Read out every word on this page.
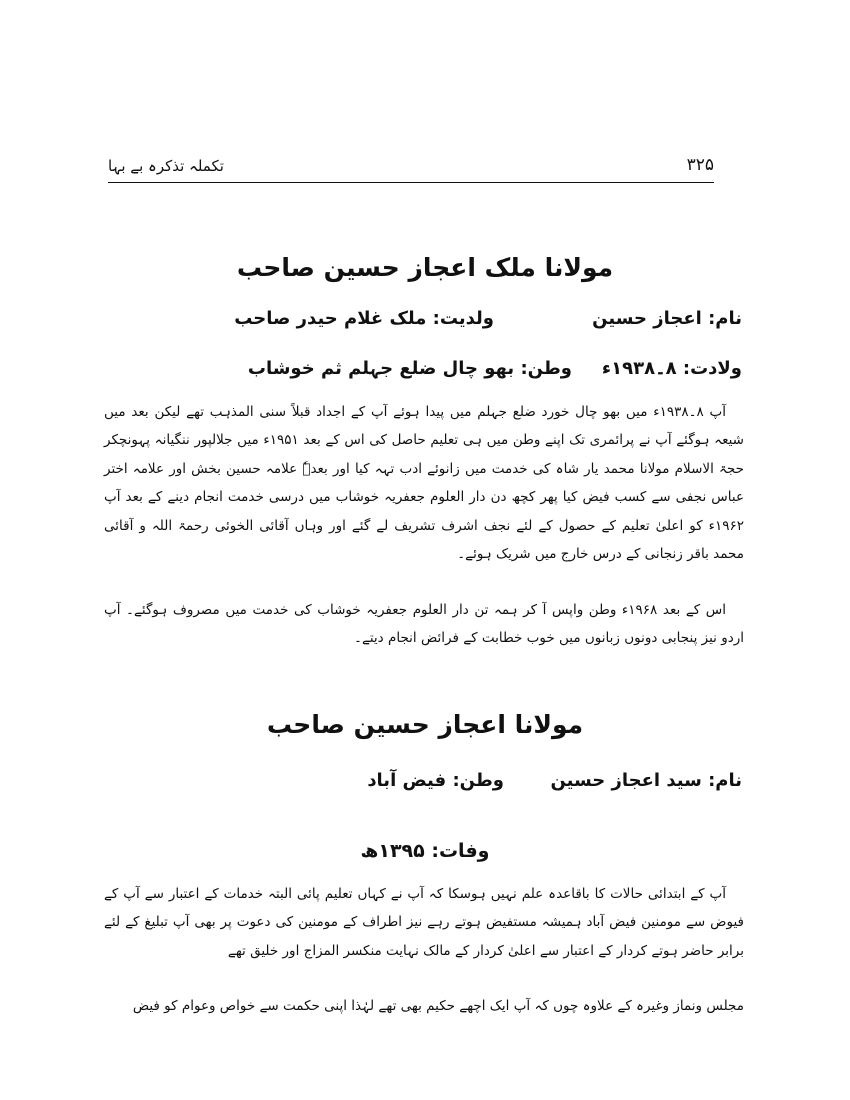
تکملہ تذکرہ بے بہا	۳۲۵
مولانا ملک اعجاز حسین صاحب
نام: اعجاز حسین
ولدیت: ملک غلام حیدر صاحب
ولادت: ۸۔۱۹۳۸ء
وطن: بھو چال ضلع جہلم ثم خوشاب

آپ ۸۔۱۹۳۸ء میں بھو چال خورد ضلع جہلم میں پیدا ہوئے آپ کے اجداد قبلاً سنی المذہب تھے لیکن بعد میں شیعہ ہوگئے آپ نے پرائمری تک اپنے وطن میں ہی تعلیم حاصل کی اس کے بعد ۱۹۵۱ء میں جلالپور ننگیانہ پہونچکر حجۃ الاسلام مولانا محمد یار شاہ کی خدمت میں زانوئے ادب تہہ کیا اور بعدہٗ علامہ حسین بخش اور علامہ اختر عباس نجفی سے کسب فیض کیا پھر کچھ دن دار العلوم جعفریہ خوشاب میں درسی خدمت انجام دینے کے بعد آپ ۱۹۶۲ء کو اعلیٰ تعلیم کے حصول کے لئے نجف اشرف تشریف لے گئے اور وہاں آقائی الخوئی رحمۃ اللہ و آقائی محمد باقر زنجانی کے درس خارج میں شریک ہوئے۔

اس کے بعد ۱۹۶۸ء وطن واپس آ کر ہمہ تن دار العلوم جعفریہ خوشاب کی خدمت میں مصروف ہوگئے۔ آپ اردو نیز پنجابی دونوں زبانوں میں خوب خطابت کے فرائض انجام دیتے۔

مولانا اعجاز حسین صاحب
نام: سید اعجاز حسین
وطن: فیض آباد
وفات: ۱۳۹۵ھ

آپ کے ابتدائی حالات کا باقاعدہ علم نہیں ہوسکا کہ آپ نے کہاں تعلیم پائی البتہ خدمات کے اعتبار سے آپ کے فیوض سے مومنین فیض آباد ہمیشہ مستفیض ہوتے رہے نیز اطراف کے مومنین کی دعوت پر بھی آپ تبلیغ کے لئے برابر حاضر ہوتے کردار کے اعتبار سے اعلیٰ کردار کے مالک نہایت منکسر المزاج اور خلیق تھے

مجلس ونماز وغیرہ کے علاوہ چوں کہ آپ ایک اچھے حکیم بھی تھے لہٰذا اپنی حکمت سے خواص وعوام کو فیض
